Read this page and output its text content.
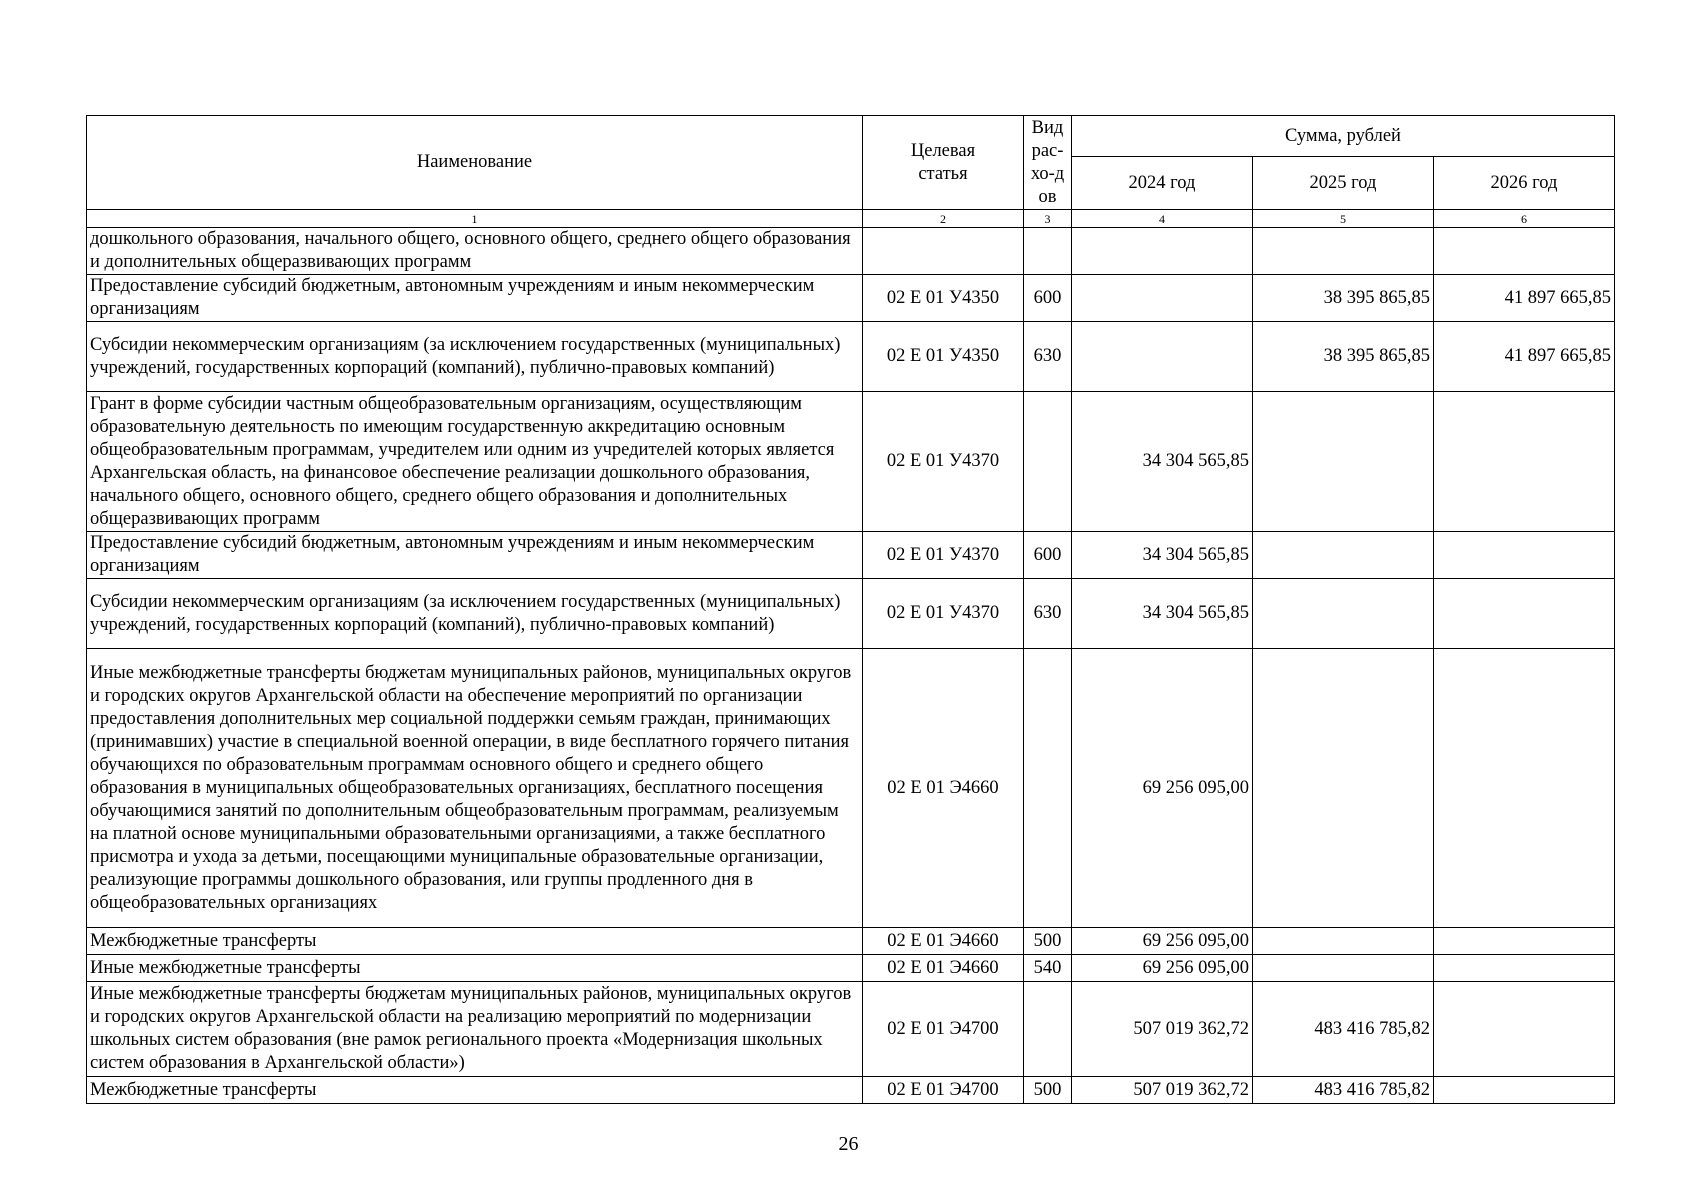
Наименование	Целевая статья	Вид рас-хо-дов	Сумма, рублей		
			2024 год	2025 год	2026 год
1	2	3	4	5	6
дошкольного образования, начального общего, основного общего, среднего общего образования и дополнительных общеразвивающих программ					
Предоставление субсидий бюджетным, автономным учреждениям и иным некоммерческим организациям	02 Е 01 У4350	600		38 395 865,85	41 897 665,85
Субсидии некоммерческим организациям (за исключением государственных (муниципальных) учреждений, государственных корпораций (компаний), публично-правовых компаний)	02 Е 01 У4350	630		38 395 865,85	41 897 665,85
Грант в форме субсидии частным общеобразовательным организациям, осуществляющим образовательную деятельность по имеющим государственную аккредитацию основным общеобразовательным программам, учредителем или одним из учредителей которых является Архангельская область, на финансовое обеспечение реализации дошкольного образования, начального общего, основного общего, среднего общего образования и дополнительных общеразвивающих программ	02 Е 01 У4370		34 304 565,85		
Предоставление субсидий бюджетным, автономным учреждениям и иным некоммерческим организациям	02 Е 01 У4370	600	34 304 565,85		
Субсидии некоммерческим организациям (за исключением государственных (муниципальных) учреждений, государственных корпораций (компаний), публично-правовых компаний)	02 Е 01 У4370	630	34 304 565,85		
Иные межбюджетные трансферты бюджетам муниципальных районов, муниципальных округов и городских округов Архангельской области на обеспечение мероприятий по организации предоставления дополнительных мер социальной поддержки семьям граждан, принимающих (принимавших) участие в специальной военной операции, в виде бесплатного горячего питания обучающихся по образовательным программам основного общего и среднего общего образования в муниципальных общеобразовательных организациях, бесплатного посещения обучающимися занятий по дополнительным общеобразовательным программам, реализуемым на платной основе муниципальными образовательными организациями, а также бесплатного присмотра и ухода за детьми, посещающими муниципальные образовательные организации, реализующие программы дошкольного образования, или группы продленного дня в общеобразовательных организациях	02 Е 01 Э4660		69 256 095,00		
Межбюджетные трансферты	02 Е 01 Э4660	500	69 256 095,00		
Иные межбюджетные трансферты	02 Е 01 Э4660	540	69 256 095,00		
Иные межбюджетные трансферты бюджетам муниципальных районов, муниципальных округов и городских округов Архангельской области на реализацию мероприятий по модернизации школьных систем образования (вне рамок регионального проекта «Модернизация школьных систем образования в Архангельской области»)	02 Е 01 Э4700		507 019 362,72	483 416 785,82	
Межбюджетные трансферты	02 Е 01 Э4700	500	507 019 362,72	483 416 785,82	
26
